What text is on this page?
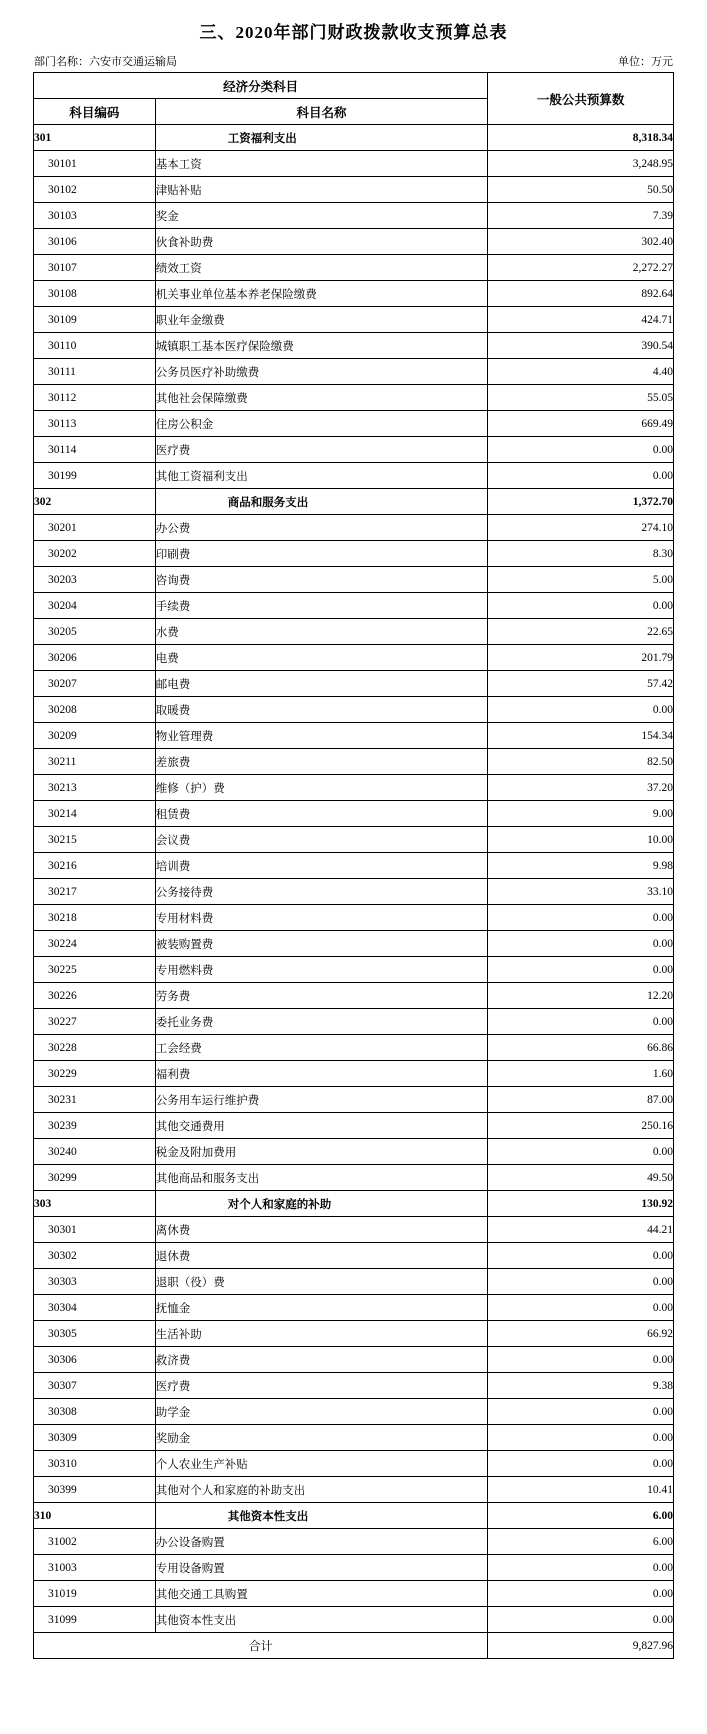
三、2020年部门财政拨款收支预算总表
部门名称：六安市交通运输局	单位：万元
经济分类科目		一般公共预算数
科目编码	科目名称	
301	工资福利支出	8,318.34
30101	基本工资	3,248.95
30102	津贴补贴	50.50
30103	奖金	7.39
30106	伙食补助费	302.40
30107	绩效工资	2,272.27
30108	机关事业单位基本养老保险缴费	892.64
30109	职业年金缴费	424.71
30110	城镇职工基本医疗保险缴费	390.54
30111	公务员医疗补助缴费	4.40
30112	其他社会保障缴费	55.05
30113	住房公积金	669.49
30114	医疗费	0.00
30199	其他工资福利支出	0.00
302	商品和服务支出	1,372.70
30201	办公费	274.10
30202	印刷费	8.30
30203	咨询费	5.00
30204	手续费	0.00
30205	水费	22.65
30206	电费	201.79
30207	邮电费	57.42
30208	取暖费	0.00
30209	物业管理费	154.34
30211	差旅费	82.50
30213	维修（护）费	37.20
30214	租赁费	9.00
30215	会议费	10.00
30216	培训费	9.98
30217	公务接待费	33.10
30218	专用材料费	0.00
30224	被装购置费	0.00
30225	专用燃料费	0.00
30226	劳务费	12.20
30227	委托业务费	0.00
30228	工会经费	66.86
30229	福利费	1.60
30231	公务用车运行维护费	87.00
30239	其他交通费用	250.16
30240	税金及附加费用	0.00
30299	其他商品和服务支出	49.50
303	对个人和家庭的补助	130.92
30301	离休费	44.21
30302	退休费	0.00
30303	退职（役）费	0.00
30304	抚恤金	0.00
30305	生活补助	66.92
30306	救济费	0.00
30307	医疗费	9.38
30308	助学金	0.00
30309	奖励金	0.00
30310	个人农业生产补贴	0.00
30399	其他对个人和家庭的补助支出	10.41
310	其他资本性支出	6.00
31002	办公设备购置	6.00
31003	专用设备购置	0.00
31019	其他交通工具购置	0.00
31099	其他资本性支出	0.00
合计		9,827.96
